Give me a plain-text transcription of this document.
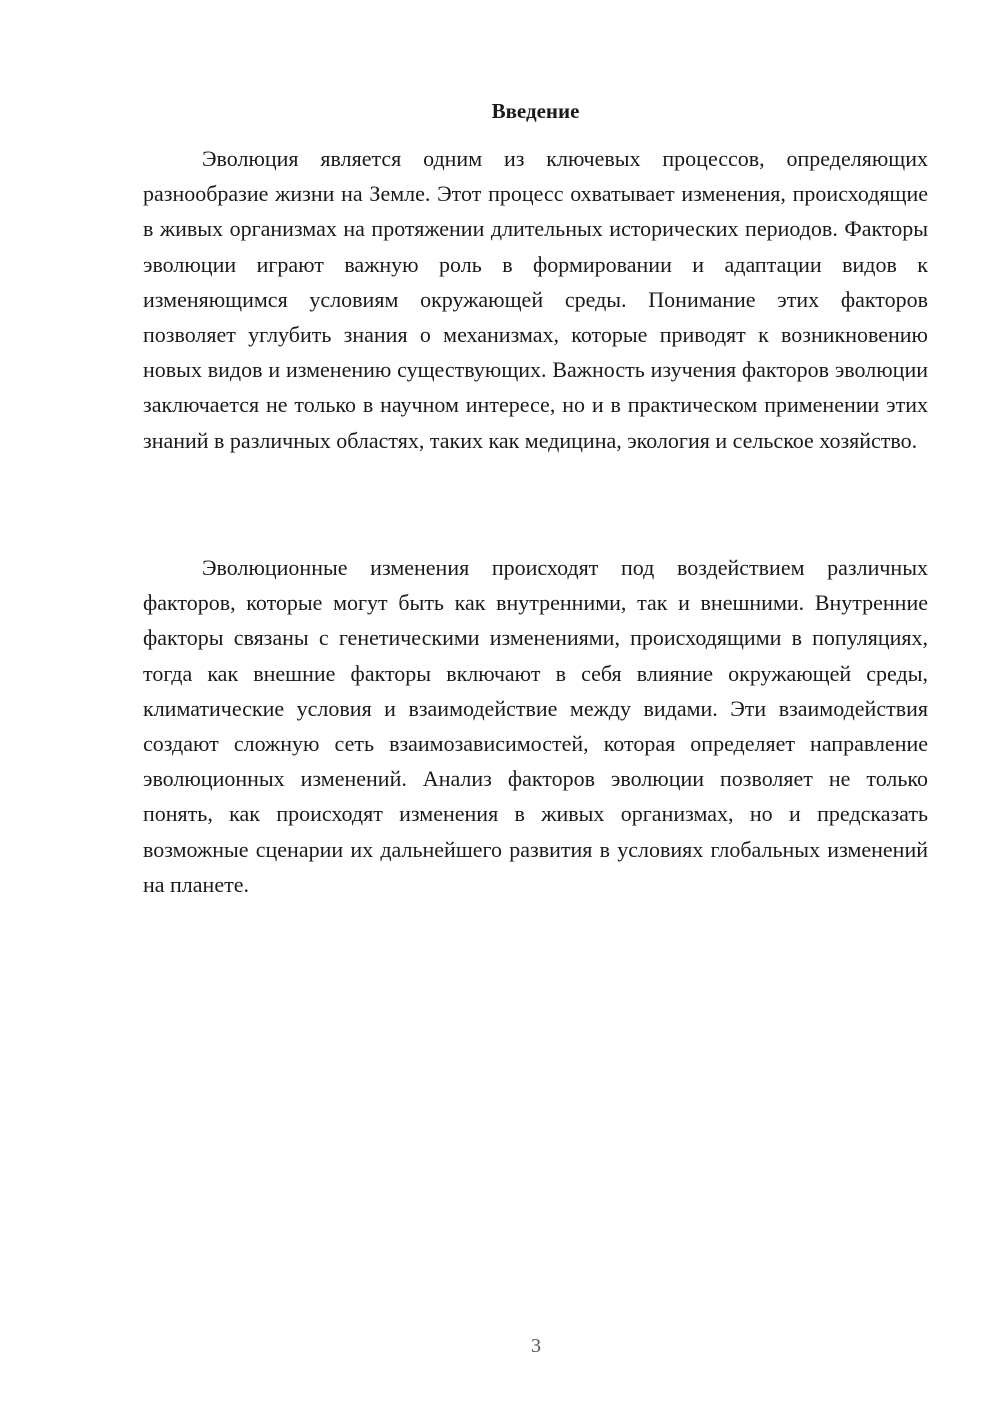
Введение

Эволюция является одним из ключевых процессов, определяющих разнообразие жизни на Земле. Этот процесс охватывает изменения, происходящие в живых организмах на протяжении длительных исторических периодов. Факторы эволюции играют важную роль в формировании и адаптации видов к изменяющимся условиям окружающей среды. Понимание этих факторов позволяет углубить знания о механизмах, которые приводят к возникновению новых видов и изменению существующих. Важность изучения факторов эволюции заключается не только в научном интересе, но и в практическом применении этих знаний в различных областях, таких как медицина, экология и сельское хозяйство.

Эволюционные изменения происходят под воздействием различных факторов, которые могут быть как внутренними, так и внешними. Внутренние факторы связаны с генетическими изменениями, происходящими в популяциях, тогда как внешние факторы включают в себя влияние окружающей среды, климатические условия и взаимодействие между видами. Эти взаимодействия создают сложную сеть взаимозависимостей, которая определяет направление эволюционных изменений. Анализ факторов эволюции позволяет не только понять, как происходят изменения в живых организмах, но и предсказать возможные сценарии их дальнейшего развития в условиях глобальных изменений на планете.

3
